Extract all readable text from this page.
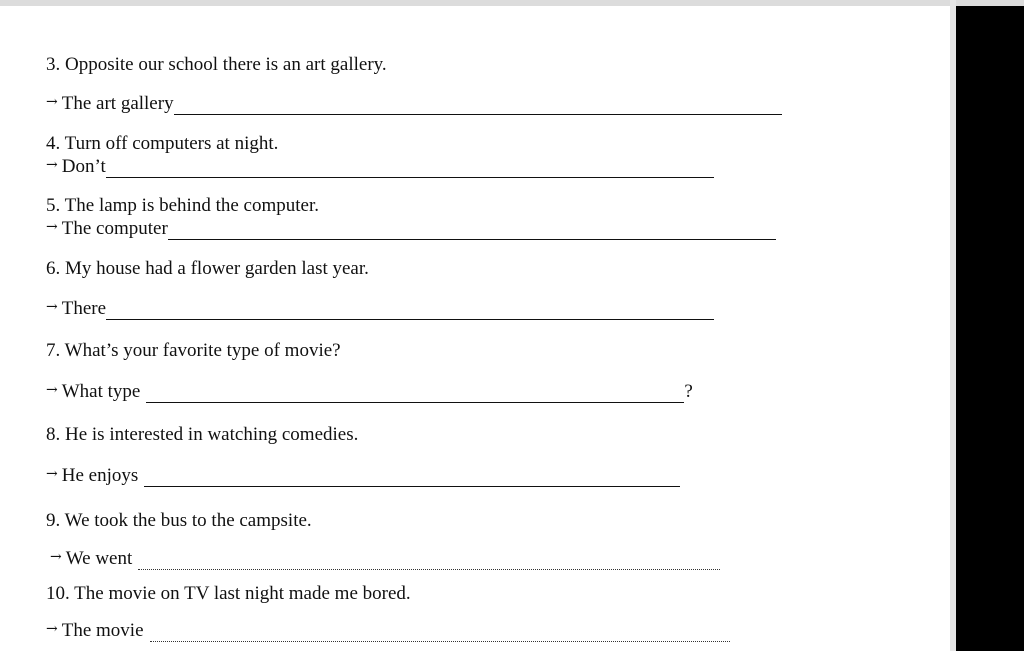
3. Opposite our school there is an art gallery.
→ The art gallery
4. Turn off computers at night.
→ Don’t
5. The lamp is behind the computer.
→ The computer
6. My house had a flower garden last year.
→ There
7. What’s your favorite type of movie?
→ What type	?
8. He is interested in watching comedies.
→ He enjoys
9. We took the bus to the campsite.
→ We went
10. The movie on TV last night made me bored.
→ The movie
